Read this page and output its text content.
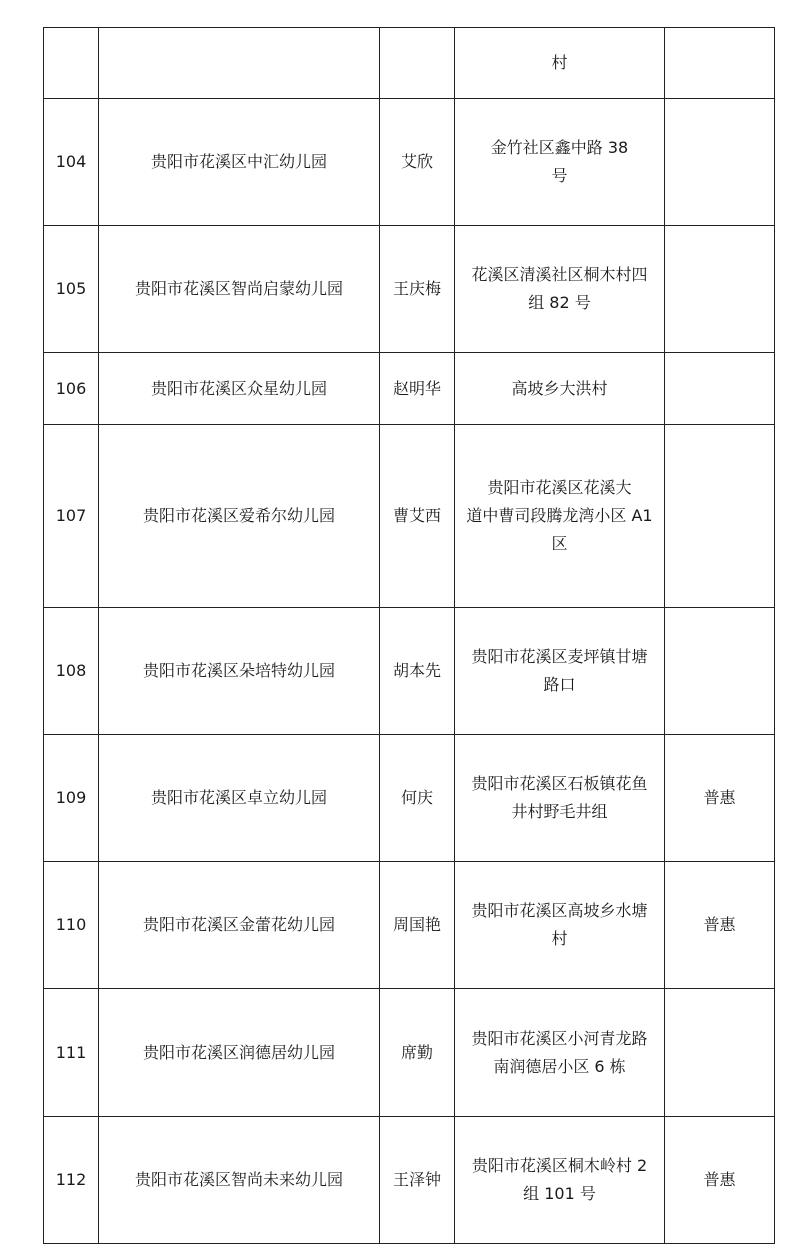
			村	

104	贵阳市花溪区中汇幼儿园	艾欣	金竹社区鑫中路 38
号	

105	贵阳市花溪区智尚启蒙幼儿园	王庆梅	花溪区清溪社区桐木村四
组 82 号	

106	贵阳市花溪区众星幼儿园	赵明华	高坡乡大洪村	

107	贵阳市花溪区爱希尔幼儿园	曹艾西	贵阳市花溪区花溪大
道中曹司段腾龙湾小区 A1
区	

108	贵阳市花溪区朵培特幼儿园	胡本先	贵阳市花溪区麦坪镇甘塘
路口	

109	贵阳市花溪区卓立幼儿园	何庆	贵阳市花溪区石板镇花鱼
井村野毛井组	普惠
110	贵阳市花溪区金蕾花幼儿园	周国艳	贵阳市花溪区高坡乡水塘
村	普惠
111	贵阳市花溪区润德居幼儿园	席勤	贵阳市花溪区小河青龙路
南润德居小区 6 栋	

112	贵阳市花溪区智尚未来幼儿园	王泽钟	贵阳市花溪区桐木岭村 2
组 101 号	普惠
